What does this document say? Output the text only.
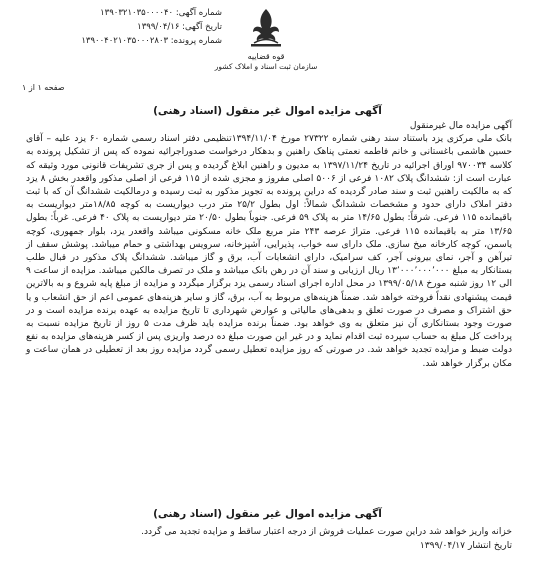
شماره آگهی: ۱۳۹۰۳۲۱۰۳۵۰۰۰۰۴۰
تاریخ آگهی: ۱۳۹۹/۰۴/۱۶
شماره پرونده: ۱۳۹۰۰۴۰۲۱۰۳۵۰۰۰۲۸۰۳
قوه قضاییه
سازمان ثبت اسناد و املاک کشور
صفحه ۱ از ۱
آگهی مزایده اموال غیر منقول (اسناد رهنی)

آگهی مزایده مال غیرمنقول

بانک ملی مرکزی یزد باستناد سند رهنی شماره ۲۷۳۲۲ مورخ ۱۳۹۴/۱۱/۰۴تنظیمی دفتر اسناد رسمی شماره ۶۰ یزد علیه – آقای حسین هاشمی باغستانی و خانم فاطمه نعمتی پناهک راهنین و بدهکار درخواست صدوراجرائیه نموده که پس از تشکیل پرونده به کلاسه ۹۷۰۰۳۴ اوراق اجرائیه در تاریخ ۱۳۹۷/۱۱/۲۴ به مدیون و راهنین ابلاغ گردیده و پس از جری تشریفات قانونی مورد وثیقه که عبارت است از: ششدانگ پلاک ۱۰۸۲ فرعی از ۵۰۰۶ اصلی مفروز و مجزی شده از ۱۱۵ فرعی از اصلی مذکور واقعدر بخش ۸ یزد که به مالکیت راهنین ثبت و سند صادر گردیده که دراین پرونده به تجویز مذکور به ثبت رسیده و درمالکیت ششدانگ آن که با ثبت دفتر املاک دارای حدود و مشخصات ششدانگ شمالاً: اول بطول ۲۵/۲ متر درب دیواریست به کوچه ۱۸/۸۵متر دیواریست به باقیمانده ۱۱۵ فرعی. شرقاً: بطول ۱۴/۶۵ متر به پلاک ۵۹ فرعی. جنوباً بطول ۲۰/۵۰ متر دیواریست به پلاک ۴۰ فرعی. غرباً: بطول ۱۳/۶۵ متر به باقیمانده ۱۱۵ فرعی. متراژ عرصه ۲۴۳ متر مربع ملک خانه مسکونی میباشد واقعدر یزد، بلوار جمهوری، کوچه یاسمن، کوچه کارخانه میخ سازی. ملک دارای سه خواب، پذیرایی، آشپزخانه، سرویس بهداشتی و حمام میباشد. پوشش سقف از تیرآهن و آجر، نمای بیرونی آجر، کف سرامیک، دارای انشعابات آب، برق و گاز میباشد. ششدانگ پلاک مذکور در قبال طلب بستانکار به مبلغ ۱۳٬۰۰۰٬۰۰۰٬۰۰۰ ریال ارزیابی و سند آن در رهن بانک میباشد و ملک در تصرف مالکین میباشد. مزایده از ساعت ۹ الی ۱۲ روز شنبه مورخ ۱۳۹۹/۰۵/۱۸ در محل اداره اجرای اسناد رسمی یزد برگزار میگردد و مزایده از مبلغ پایه شروع و به بالاترین قیمت پیشنهادی نقداً فروخته خواهد شد. ضمناً هزینه‌های مربوط به آب، برق، گاز و سایر هزینه‌های عمومی اعم از حق انشعاب و یا حق اشتراک و مصرف در صورت تعلق و بدهی‌های مالیاتی و عوارض شهرداری تا تاریخ مزایده به عهده برنده مزایده است و در صورت وجود بستانکاری آن نیز متعلق به وی خواهد بود. ضمناً برنده مزایده باید ظرف مدت ۵ روز از تاریخ مزایده نسبت به پرداخت کل مبلغ به حساب سپرده ثبت اقدام نماید و در غیر این صورت مبلغ ده درصد واریزی پس از کسر هزینه‌های مزایده به نفع دولت ضبط و مزایده تجدید خواهد شد. در صورتی که روز مزایده تعطیل رسمی گردد مزایده روز بعد از تعطیلی در همان ساعت و مکان برگزار خواهد شد.

آگهی مزایده اموال غیر منقول (اسناد رهنی)

خزانه واریز خواهد شد دراین صورت عملیات فروش از درجه اعتبار ساقط و مزایده تجدید می گردد.

تاریخ انتشار ۱۳۹۹/۰۴/۱۷
